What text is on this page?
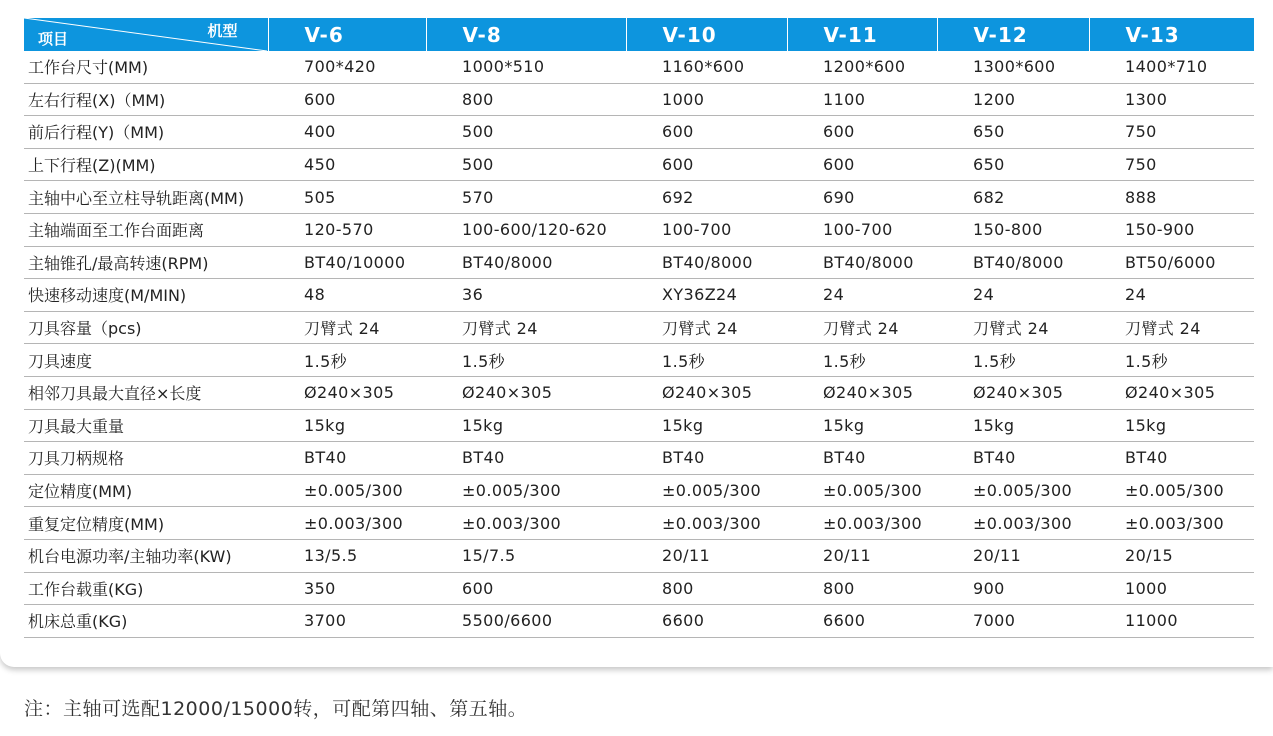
项目 机型	V-6	V-8	V-10	V-11	V-12	V-13
工作台尺寸(MM)	700*420	1000*510	1160*600	1200*600	1300*600	1400*710
左右行程(X)（MM)	600	800	1000	1100	1200	1300
前后行程(Y)（MM)	400	500	600	600	650	750
上下行程(Z)(MM)	450	500	600	600	650	750
主轴中心至立柱导轨距离(MM)	505	570	692	690	682	888
主轴端面至工作台面距离	120-570	100-600/120-620	100-700	100-700	150-800	150-900
主轴锥孔/最高转速(RPM)	BT40/10000	BT40/8000	BT40/8000	BT40/8000	BT40/8000	BT50/6000
快速移动速度(M/MIN)	48	36	XY36Z24	24	24	24
刀具容量（pcs)	刀臂式 24	刀臂式 24	刀臂式 24	刀臂式 24	刀臂式 24	刀臂式 24
刀具速度	1.5秒	1.5秒	1.5秒	1.5秒	1.5秒	1.5秒
相邻刀具最大直径×长度	Ø240×305	Ø240×305	Ø240×305	Ø240×305	Ø240×305	Ø240×305
刀具最大重量	15kg	15kg	15kg	15kg	15kg	15kg
刀具刀柄规格	BT40	BT40	BT40	BT40	BT40	BT40
定位精度(MM)	±0.005/300	±0.005/300	±0.005/300	±0.005/300	±0.005/300	±0.005/300
重复定位精度(MM)	±0.003/300	±0.003/300	±0.003/300	±0.003/300	±0.003/300	±0.003/300
机台电源功率/主轴功率(KW)	13/5.5	15/7.5	20/11	20/11	20/11	20/15
工作台载重(KG)	350	600	800	800	900	1000
机床总重(KG)	3700	5500/6600	6600	6600	7000	11000
注：主轴可选配12000/15000转，可配第四轴、第五轴。
